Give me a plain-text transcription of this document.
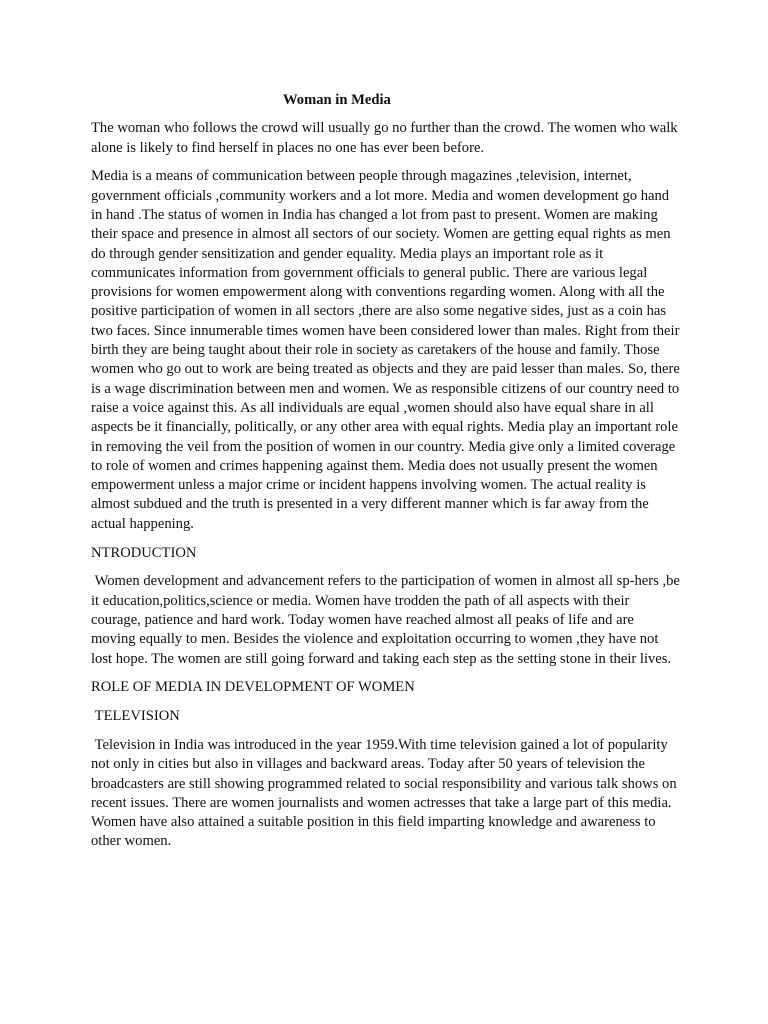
Woman in Media

The woman who follows the crowd will usually go no further than the crowd. The women who walk alone is likely to find herself in places no one has ever been before.

Media is a means of communication between people through magazines ,television, internet, government officials ,community workers and a lot more. Media and women development go hand in hand .The status of women in India has changed a lot from past to present. Women are making their space and presence in almost all sectors of our society. Women are getting equal rights as men do through gender sensitization and gender equality. Media plays an important role as it communicates information from government officials to general public. There are various legal provisions for women empowerment along with conventions regarding women. Along with all the positive participation of women in all sectors ,there are also some negative sides, just as a coin has two faces. Since innumerable times women have been considered lower than males. Right from their birth they are being taught about their role in society as caretakers of the house and family. Those women who go out to work are being treated as objects and they are paid lesser than males. So, there is a wage discrimination between men and women. We as responsible citizens of our country need to raise a voice against this. As all individuals are equal ,women should also have equal share in all aspects be it financially, politically, or any other area with equal rights. Media play an important role in removing the veil from the position of women in our country. Media give only a limited coverage to role of women and crimes happening against them. Media does not usually present the women empowerment unless a major crime or incident happens involving women. The actual reality is almost subdued and the truth is presented in a very different manner which is far away from the actual happening.

NTRODUCTION

Women development and advancement refers to the participation of women in almost all sp-hers ,be it education,politics,science or media. Women have trodden the path of all aspects with their courage, patience and hard work. Today women have reached almost all peaks of life and are moving equally to men. Besides the violence and exploitation occurring to women ,they have not lost hope. The women are still going forward and taking each step as the setting stone in their lives.

ROLE OF MEDIA IN DEVELOPMENT OF WOMEN

TELEVISION

Television in India was introduced in the year 1959.With time television gained a lot of popularity not only in cities but also in villages and backward areas. Today after 50 years of television the broadcasters are still showing programmed related to social responsibility and various talk shows on recent issues. There are women journalists and women actresses that take a large part of this media. Women have also attained a suitable position in this field imparting knowledge and awareness to other women.
